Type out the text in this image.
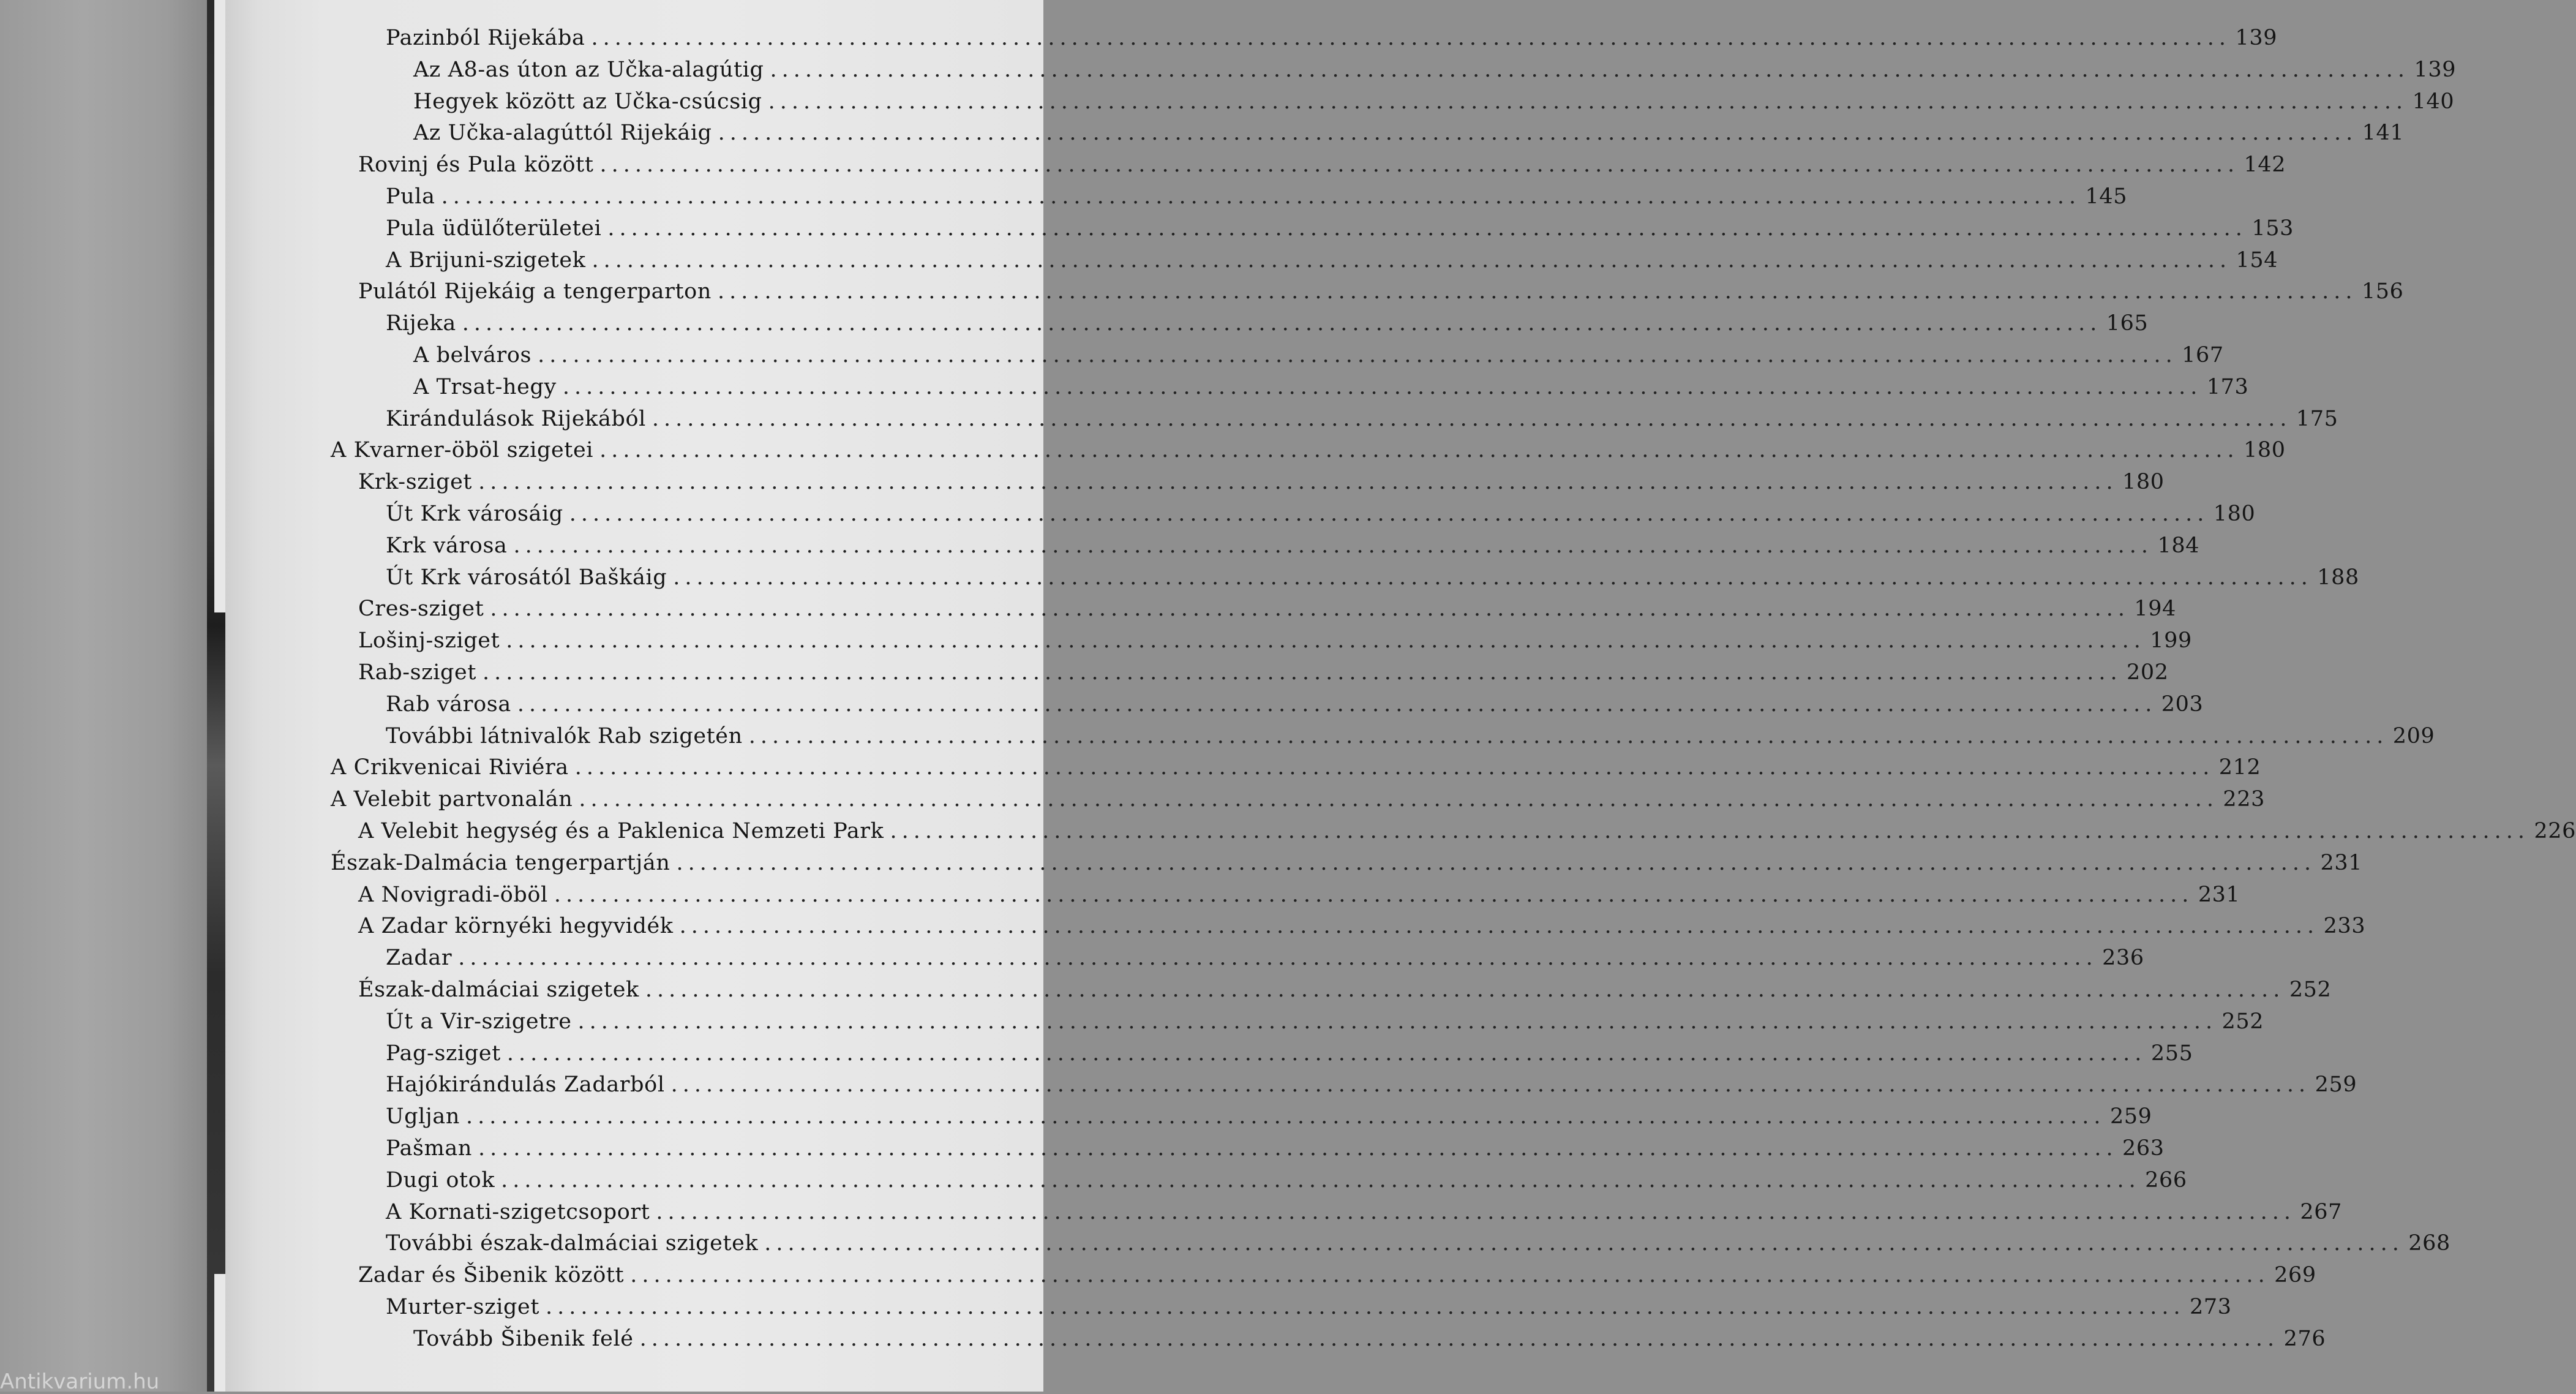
Pazinból Rijekába ............................................................................................................................................ 139
Az A8-as úton az Učka-alagútig ............................................................................................................................................ 139
Hegyek között az Učka-csúcsig ............................................................................................................................................ 140
Az Učka-alagúttól Rijekáig ............................................................................................................................................ 141
Rovinj és Pula között ............................................................................................................................................ 142
Pula ............................................................................................................................................ 145
Pula üdülőterületei ............................................................................................................................................ 153
A Brijuni-szigetek ............................................................................................................................................ 154
Pulától Rijekáig a tengerparton ............................................................................................................................................ 156
Rijeka ............................................................................................................................................ 165
A belváros ............................................................................................................................................ 167
A Trsat-hegy ............................................................................................................................................ 173
Kirándulások Rijekából ............................................................................................................................................ 175
A Kvarner-öböl szigetei ............................................................................................................................................ 180
Krk-sziget ............................................................................................................................................ 180
Út Krk városáig ............................................................................................................................................ 180
Krk városa ............................................................................................................................................ 184
Út Krk városától Baškáig ............................................................................................................................................ 188
Cres-sziget ............................................................................................................................................ 194
Lošinj-sziget ............................................................................................................................................ 199
Rab-sziget ............................................................................................................................................ 202
Rab városa ............................................................................................................................................ 203
További látnivalók Rab szigetén ............................................................................................................................................ 209
A Crikvenicai Riviéra ............................................................................................................................................ 212
A Velebit partvonalán ............................................................................................................................................ 223
A Velebit hegység és a Paklenica Nemzeti Park ............................................................................................................................................ 226
Észak-Dalmácia tengerpartján ............................................................................................................................................ 231
A Novigradi-öböl ............................................................................................................................................ 231
A Zadar környéki hegyvidék ............................................................................................................................................ 233
Zadar ............................................................................................................................................ 236
Észak-dalmáciai szigetek ............................................................................................................................................ 252
Út a Vir-szigetre ............................................................................................................................................ 252
Pag-sziget ............................................................................................................................................ 255
Hajókirándulás Zadarból ............................................................................................................................................ 259
Ugljan ............................................................................................................................................ 259
Pašman ............................................................................................................................................ 263
Dugi otok ............................................................................................................................................ 266
A Kornati-szigetcsoport ............................................................................................................................................ 267
További észak-dalmáciai szigetek ............................................................................................................................................ 268
Zadar és Šibenik között ............................................................................................................................................ 269
Murter-sziget ............................................................................................................................................ 273
Tovább Šibenik felé ............................................................................................................................................ 276
Antikvarium.hu
